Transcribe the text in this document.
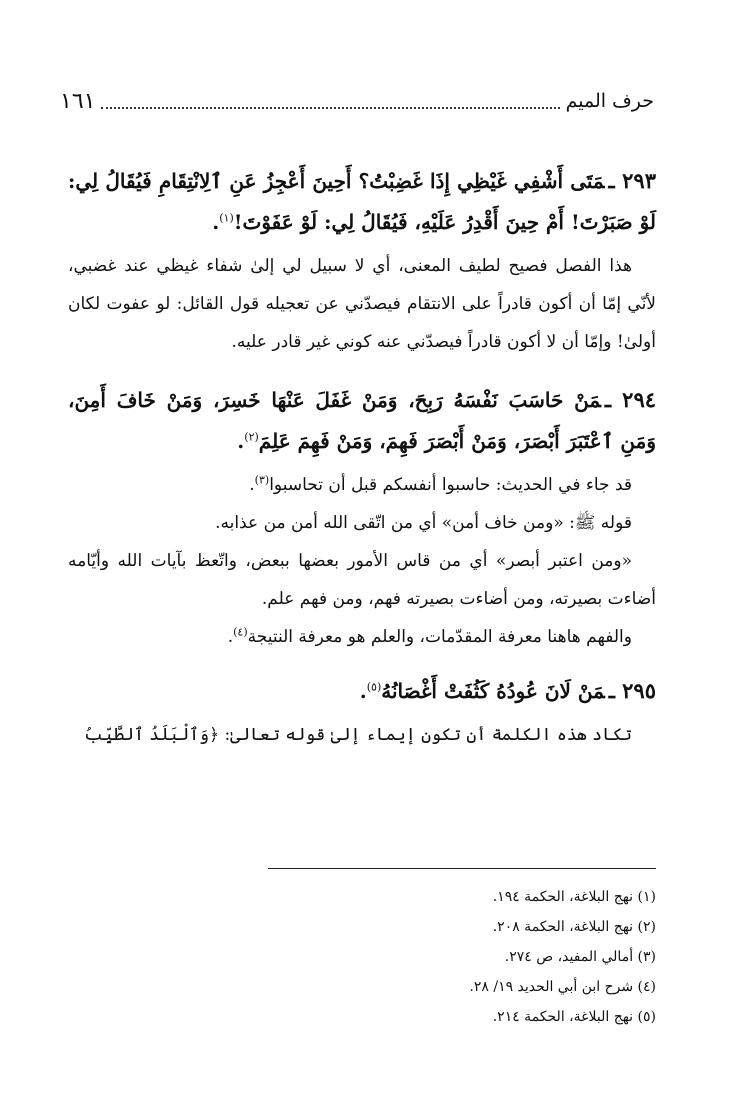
حرف الميم
١٦١

٢٩٣ ـمَتَى أَشْفِي غَيْظِي إِذَا غَضِبْتُ؟ أَحِينَ أَعْجِزُ عَنِ ٱلِانْتِقَامِ فَيُقَالُ لِي: لَوْ صَبَرْتَ! أَمْ حِينَ أَقْدِرُ عَلَيْهِ، فَيُقَالُ لِي: لَوْ عَفَوْتَ!$^{(١)}$.

هذا الفصل فصيح لطيف المعنى، أي لا سبيل لي إلىٰ شفاء غيظي عند غضبي، لأنّي إمّا أن أكون قادراً على الانتقام فيصدّني عن تعجيله قول القائل: لو عفوت لكان أولىٰ! وإمّا أن لا أكون قادراً فيصدّني عنه كوني غير قادر عليه.

٢٩٤ ـمَنْ حَاسَبَ نَفْسَهُ رَبِحَ، وَمَنْ غَفَلَ عَنْهَا خَسِرَ، وَمَنْ خَافَ أَمِنَ، وَمَنِ ٱعْتَبَرَ أَبْصَرَ، وَمَنْ أَبْصَرَ فَهِمَ، وَمَنْ فَهِمَ عَلِمَ$^{(٢)}$.

قد جاء في الحديث: حاسبوا أنفسكم قبل أن تحاسبوا$^{(٣)}$.

قوله ﷺ: «ومن خاف أمن» أي من اتّقى الله أمن من عذابه.

«ومن اعتبر أبصر» أي من قاس الأمور بعضها ببعض، واتّعظ بآيات الله وأيّامه أضاءت بصيرته، ومن أضاءت بصيرته فهم، ومن فهم علم.

والفهم هاهنا معرفة المقدّمات، والعلم هو معرفة النتيجة$^{(٤)}$.

٢٩٥ ـمَنْ لَانَ عُودُهُ كَثُفَتْ أَغْصَانُهُ$^{(٥)}$.

تكاد هذه الكلمة أن تكون إيماء إلىٰ قوله تعالىٰ: ﴿وَٱلْبَلَدُ ٱلطَّيِّبُ

(١) نهج البلاغة، الحكمة ١٩٤.

(٢) نهج البلاغة، الحكمة ٢٠٨.

(٣) أمالي المفيد، ص ٢٧٤.

(٤) شرح ابن أبي الحديد ١٩/ ٢٨.

(٥) نهج البلاغة، الحكمة ٢١٤.
